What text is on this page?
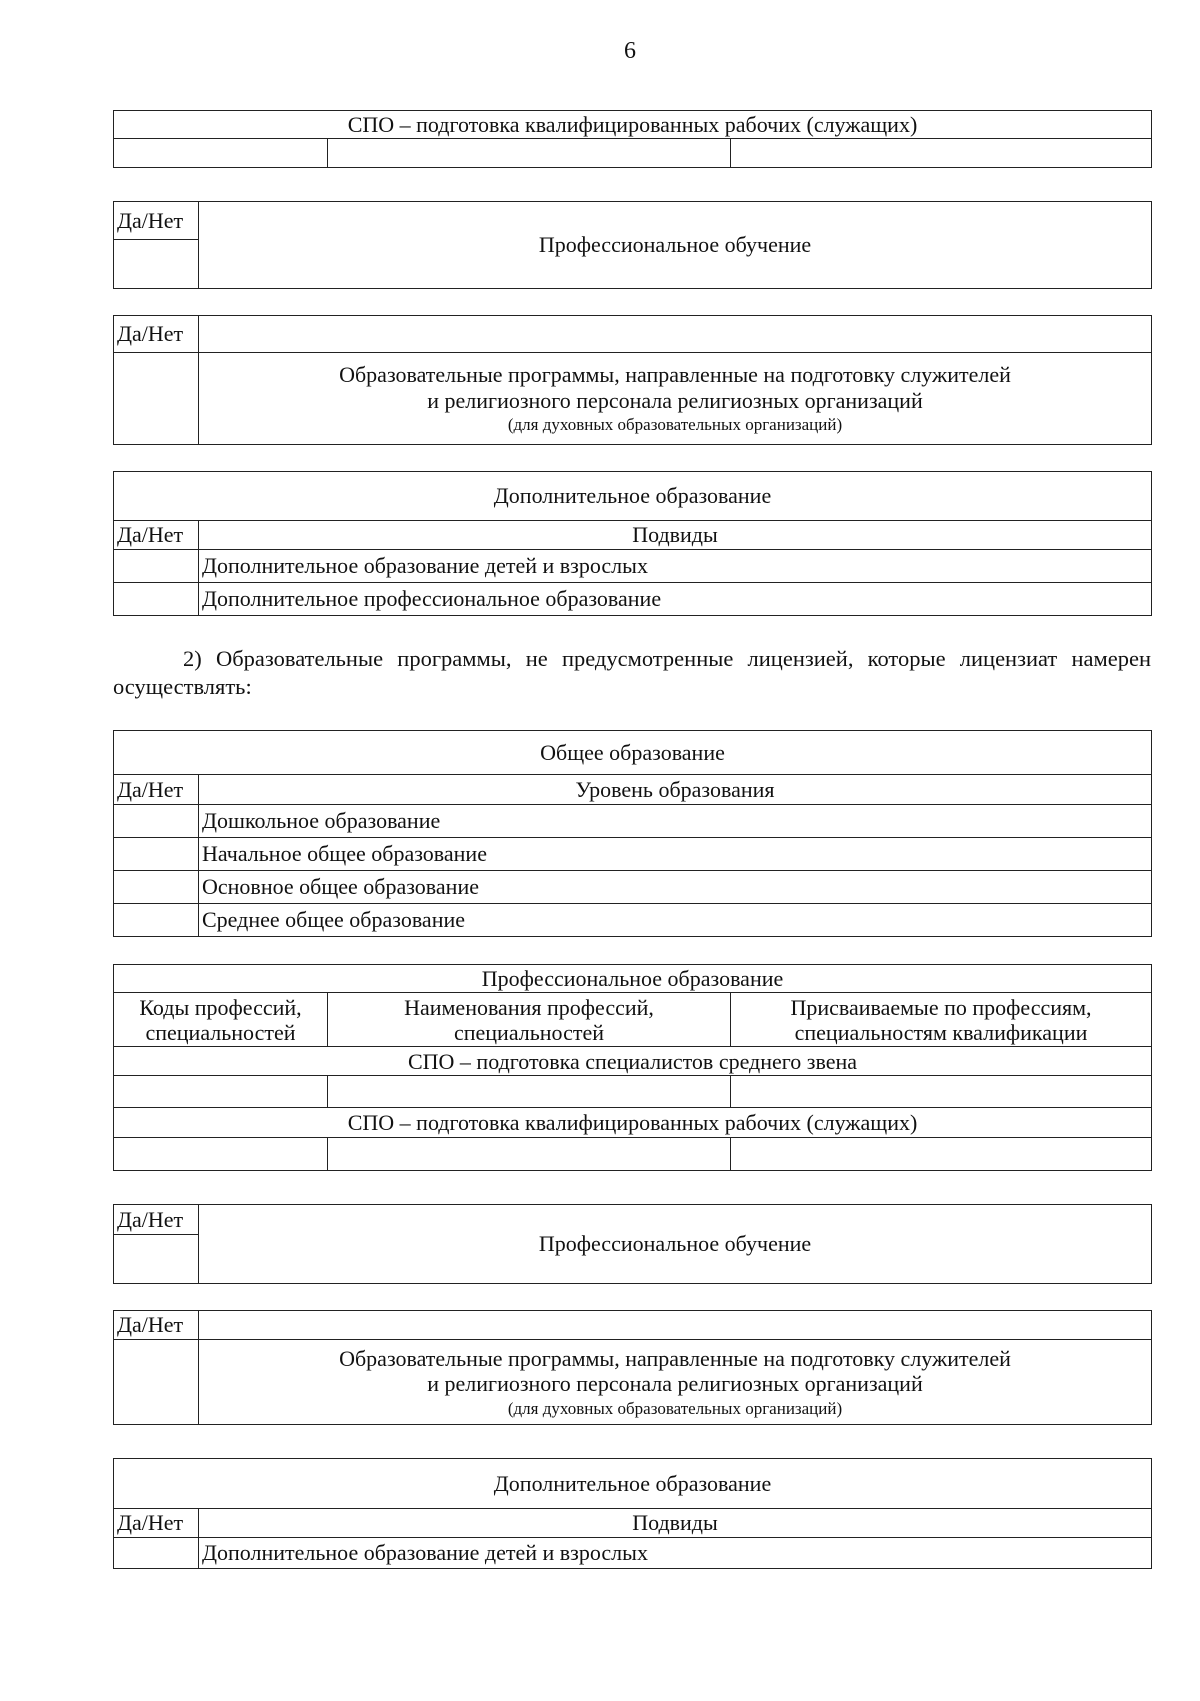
6
СПО – подготовка квалифицированных рабочих (служащих)

Да/Нет	Профессиональное обучение

Да/Нет	
	Образовательные программы, направленные на подготовку служителей
и религиозного персонала религиозных организаций
(для духовных образовательных организаций)
Дополнительное образование	
Да/Нет	Подвиды
	Дополнительное образование детей и взрослых
	Дополнительное профессиональное образование
2) Образовательные программы, не предусмотренные лицензией, которые лицензиат намерен осуществлять:
Общее образование	
Да/Нет	Уровень образования
	Дошкольное образование
	Начальное общее образование
	Основное общее образование
	Среднее общее образование
Профессиональное образование		
Коды профессий, специальностей	Наименования профессий, специальностей	Присваиваемые по профессиям, специальностям квалификации
СПО – подготовка специалистов среднего звена		

СПО – подготовка квалифицированных рабочих (служащих)		

Да/Нет	Профессиональное обучение

Да/Нет	
	Образовательные программы, направленные на подготовку служителей
и религиозного персонала религиозных организаций
(для духовных образовательных организаций)
Дополнительное образование	
Да/Нет	Подвиды
	Дополнительное образование детей и взрослых
